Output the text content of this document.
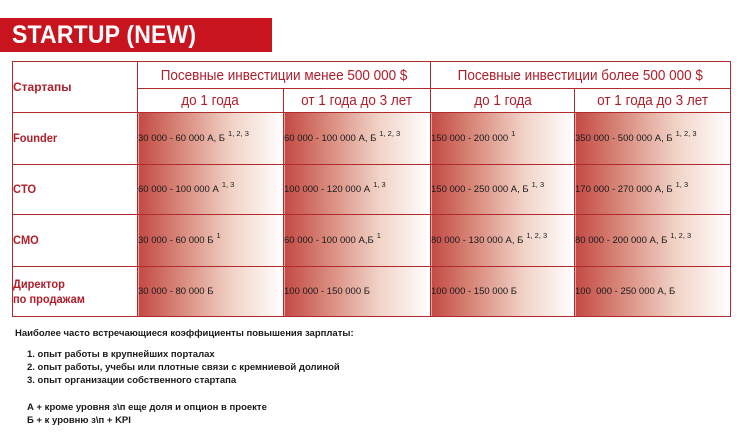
STARTUP (NEW)
Стартапы	Посевные инвестиции менее 500 000 $		Посевные инвестиции более 500 000 $	
	до 1 года	от 1 года до 3 лет	до 1 года	от 1 года до 3 лет
Founder	30 000 - 60 000 А, Б $^{1, 2, 3}$	60 000 - 100 000 А, Б $^{1, 2, 3}$	150 000 - 200 000 $^1$	350 000 - 500 000 А, Б $^{1, 2, 3}$
CTO	60 000 - 100 000 А $^{1, 3}$	100 000 - 120 000 А $^{1, 3}$	150 000 - 250 000 А, Б $^{1, 3}$	170 000 - 270 000 А, Б $^{1, 3}$
CMO	30 000 - 60 000 Б $^1$	60 000 - 100 000 А,Б $^1$	80 000 - 130 000 А, Б $^{1, 2, 3}$	80 000 - 200 000 А, Б $^{1, 2, 3}$
Директор
по продажам	30 000 - 80 000 Б	100 000 - 150 000 Б	100 000 - 150 000 Б	100  000 - 250 000 А, Б
Наиболее часто встречающиеся коэффициенты повышения зарплаты:
1. опыт работы в крупнейших порталах
2. опыт работы, учебы или плотные связи с кремниевой долиной
3. опыт организации собственного стартапа
А + кроме уровня з\п еще доля и опцион в проекте
Б + к уровню з\п + KPI
